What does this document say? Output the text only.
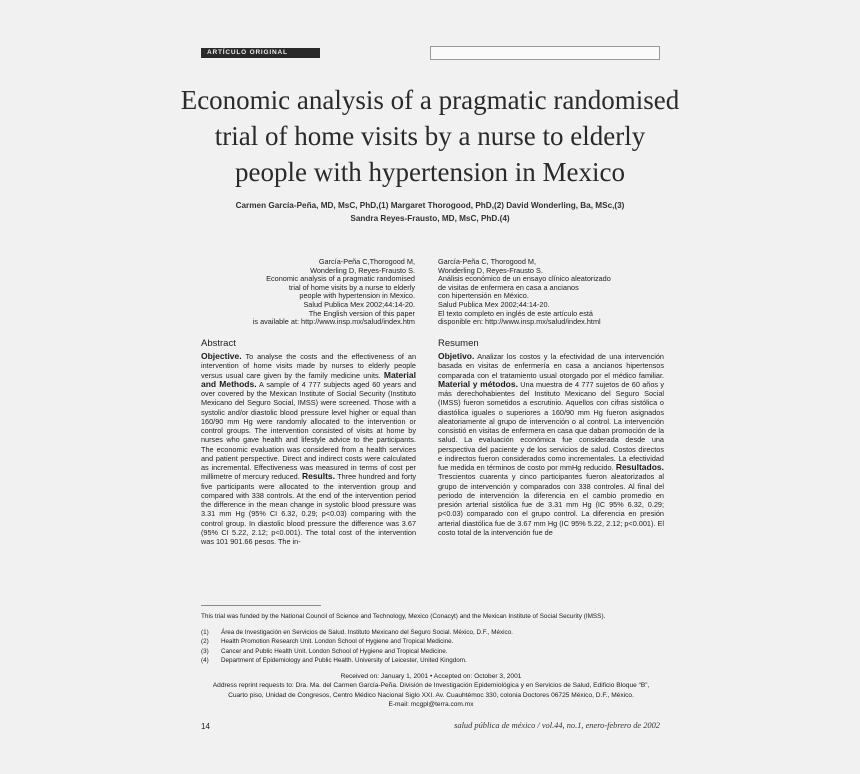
ARTÍCULO ORIGINAL
Economic analysis of a pragmatic randomised trial of home visits by a nurse to elderly people with hypertension in Mexico
Carmen García-Peña, MD, MsC, PhD,(1) Margaret Thorogood, PhD,(2) David Wonderling, Ba, MSc,(3)
Sandra Reyes-Frausto, MD, MsC, PhD.(4)
García-Peña C,Thorogood M,
Wonderling D, Reyes-Frausto S.
Economic analysis of a pragmatic randomised
trial of home visits by a nurse to elderly
people with hypertension in Mexico.
Salud Publica Mex 2002;44:14-20.
The English version of this paper
is available at: http://www.insp.mx/salud/index.htm
García-Peña C, Thorogood M,
Wonderling D, Reyes-Frausto S.
Análisis económico de un ensayo clínico aleatorizado
de visitas de enfermera en casa a ancianos
con hipertensión en México.
Salud Publica Mex 2002;44:14-20.
El texto completo en inglés de este artículo está
disponible en: http://www.insp.mx/salud/index.html
Abstract

Objective. To analyse the costs and the effectiveness of an intervention of home visits made by nurses to elderly people versus usual care given by the family medicine units. Material and Methods. A sample of 4 777 subjects aged 60 years and over covered by the Mexican Institute of Social Security (Instituto Mexicano del Seguro Social, IMSS) were screened. Those with a systolic and/or diastolic blood pressure level higher or equal than 160/90 mm Hg were randomly allocated to the intervention or control groups. The intervention consisted of visits at home by nurses who gave health and lifestyle advice to the participants. The economic evaluation was considered from a health services and patient perspective. Direct and indirect costs were calculated as incremental. Effectiveness was measured in terms of cost per millimetre of mercury reduced. Results. Three hundred and forty five participants were allocated to the intervention group and compared with 338 controls. At the end of the intervention period the difference in the mean change in systolic blood pressure was 3.31 mm Hg (95% CI 6.32, 0.29; p<0.03) comparing with the control group. In diastolic blood pressure the difference was 3.67 (95% CI 5.22, 2.12; p<0.001). The total cost of the intervention was 101 901.66 pesos. The in-

Resumen

Objetivo. Analizar los costos y la efectividad de una intervención basada en visitas de enfermería en casa a ancianos hipertensos comparada con el tratamiento usual otorgado por el médico familiar. Material y métodos. Una muestra de 4 777 sujetos de 60 años y más derechohabientes del Instituto Mexicano del Seguro Social (IMSS) fueron sometidos a escrutinio. Aquellos con cifras sistólica o diastólica iguales o superiores a 160/90 mm Hg fueron asignados aleatoriamente al grupo de intervención o al control. La intervención consistió en visitas de enfermera en casa que daban promoción de la salud. La evaluación económica fue considerada desde una perspectiva del paciente y de los servicios de salud. Costos directos e indirectos fueron considerados como incrementales. La efectividad fue medida en términos de costo por mmHg reducido. Resultados. Trescientos cuarenta y cinco participantes fueron aleatorizados al grupo de intervención y comparados con 338 controles. Al final del periodo de intervención la diferencia en el cambio promedio en presión arterial sistólica fue de 3.31 mm Hg (IC 95% 6.32, 0.29; p<0.03) comparado con el grupo control. La diferencia en presión arterial diastólica fue de 3.67 mm Hg (IC 95% 5.22, 2.12; p<0.001). El costo total de la intervención fue de

This trial was funded by the National Council of Science and Technology, Mexico (Conacyt) and the Mexican Institute of Social Security (IMSS).
(1)	Área de Investigación en Servicios de Salud. Instituto Mexicano del Seguro Social. México, D.F., México.
(2)	Health Promotion Research Unit. London School of Hygiene and Tropical Medicine.
(3)	Cancer and Public Health Unit. London School of Hygiene and Tropical Medicine.
(4)	Department of Epidemiology and Public Health. University of Leicester, United Kingdom.
Received on: January 1, 2001 • Accepted on: October 3, 2001
Address reprint requests to: Dra. Ma. del Carmen García-Peña. División de Investigación Epidemiológica y en Servicios de Salud, Edificio Bloque “B”,
Cuarto piso, Unidad de Congresos, Centro Médico Nacional Siglo XXI. Av. Cuauhtémoc 330, colonia Doctores 06725 México, D.F., México.
E-mail: mcgpl@terra.com.mx
14	salud pública de méxico / vol.44, no.1, enero-febrero de 2002
